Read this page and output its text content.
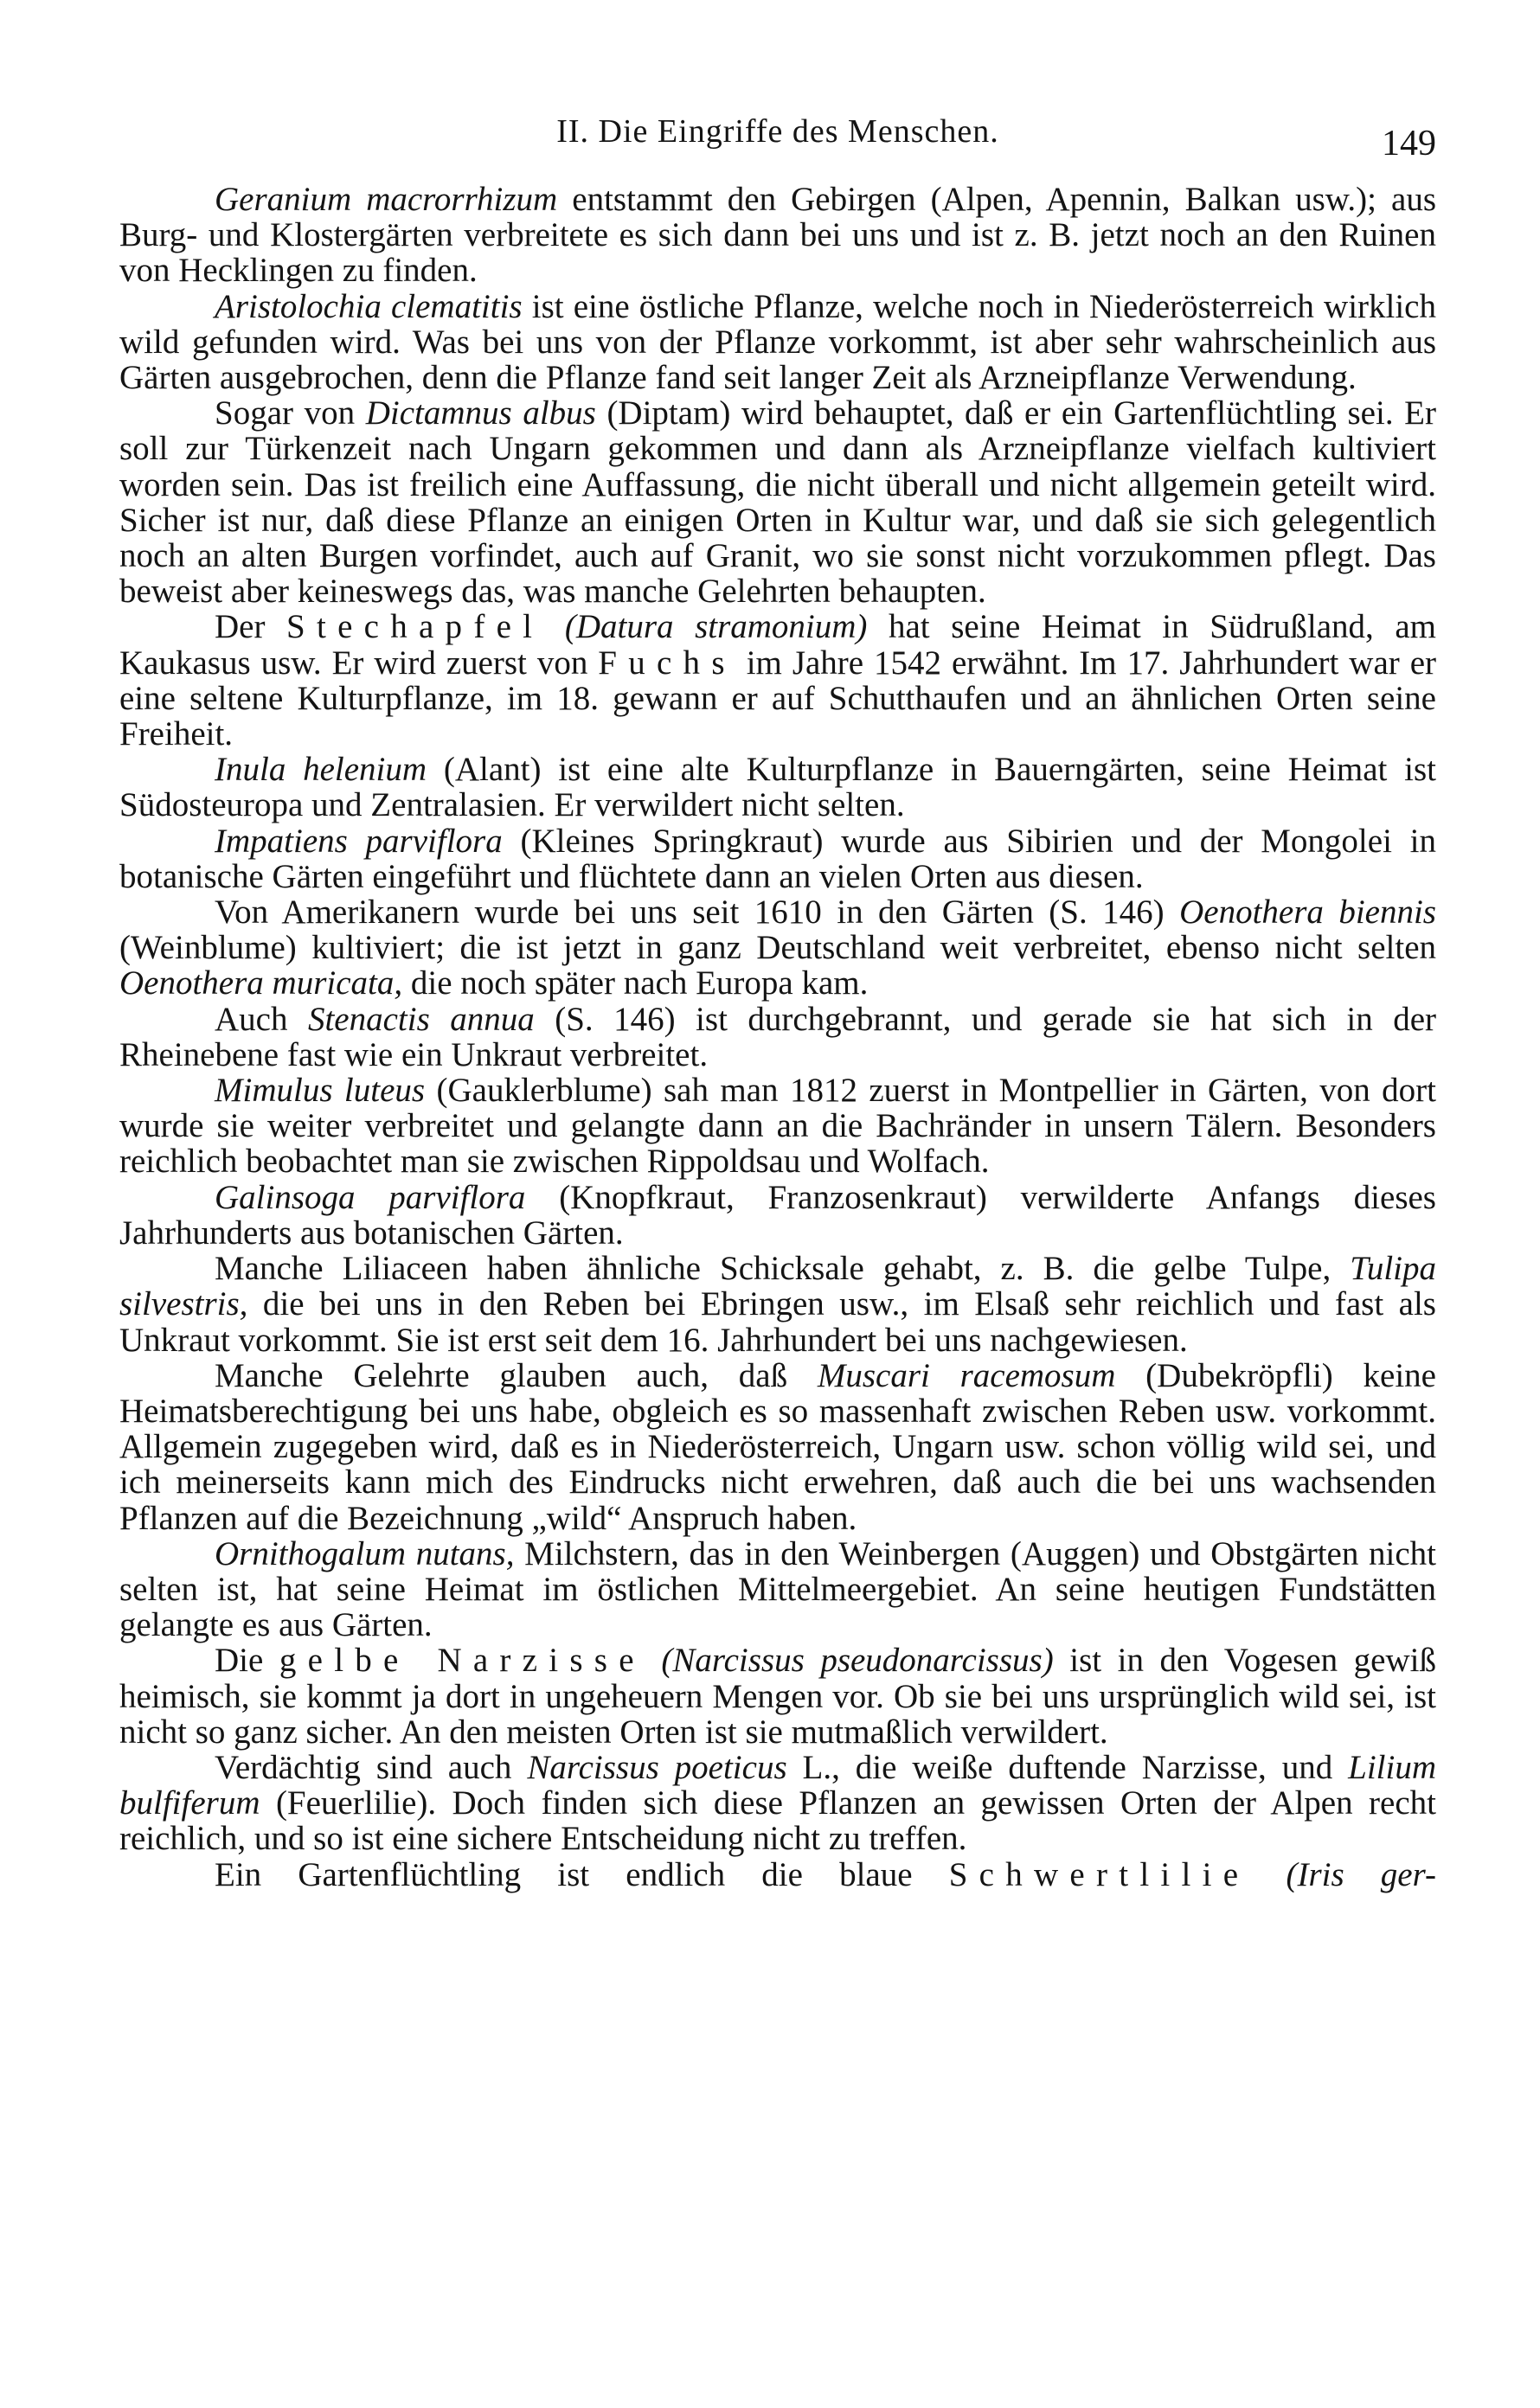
II. Die Eingriffe des Menschen.	149

Geranium macrorrhizum entstammt den Gebirgen (Alpen, Apennin, Balkan usw.); aus Burg- und Klostergärten verbreitete es sich dann bei uns und ist z. B. jetzt noch an den Ruinen von Hecklingen zu finden.

Aristolochia clematitis ist eine östliche Pflanze, welche noch in Niederösterreich wirklich wild gefunden wird. Was bei uns von der Pflanze vorkommt, ist aber sehr wahrscheinlich aus Gärten ausgebrochen, denn die Pflanze fand seit langer Zeit als Arzneipflanze Verwendung.

Sogar von Dictamnus albus (Diptam) wird behauptet, daß er ein Gartenflüchtling sei. Er soll zur Türkenzeit nach Ungarn gekommen und dann als Arzneipflanze vielfach kultiviert worden sein. Das ist freilich eine Auffassung, die nicht überall und nicht allgemein geteilt wird. Sicher ist nur, daß diese Pflanze an einigen Orten in Kultur war, und daß sie sich gelegentlich noch an alten Burgen vorfindet, auch auf Granit, wo sie sonst nicht vorzukommen pflegt. Das beweist aber keineswegs das, was manche Gelehrten behaupten.

Der Stechapfel (Datura stramonium) hat seine Heimat in Südrußland, am Kaukasus usw. Er wird zuerst von Fuchs im Jahre 1542 erwähnt. Im 17. Jahrhundert war er eine seltene Kulturpflanze, im 18. gewann er auf Schutthaufen und an ähnlichen Orten seine Freiheit.

Inula helenium (Alant) ist eine alte Kulturpflanze in Bauerngärten, seine Heimat ist Südosteuropa und Zentralasien. Er verwildert nicht selten.

Impatiens parviflora (Kleines Springkraut) wurde aus Sibirien und der Mongolei in botanische Gärten eingeführt und flüchtete dann an vielen Orten aus diesen.

Von Amerikanern wurde bei uns seit 1610 in den Gärten (S. 146) Oenothera biennis (Weinblume) kultiviert; die ist jetzt in ganz Deutschland weit verbreitet, ebenso nicht selten Oenothera muricata, die noch später nach Europa kam.

Auch Stenactis annua (S. 146) ist durchgebrannt, und gerade sie hat sich in der Rheinebene fast wie ein Unkraut verbreitet.

Mimulus luteus (Gauklerblume) sah man 1812 zuerst in Montpellier in Gärten, von dort wurde sie weiter verbreitet und gelangte dann an die Bachränder in unsern Tälern. Besonders reichlich beobachtet man sie zwischen Rippoldsau und Wolfach.

Galinsoga parviflora (Knopfkraut, Franzosenkraut) verwilderte Anfangs dieses Jahrhunderts aus botanischen Gärten.

Manche Liliaceen haben ähnliche Schicksale gehabt, z. B. die gelbe Tulpe, Tulipa silvestris, die bei uns in den Reben bei Ebringen usw., im Elsaß sehr reichlich und fast als Unkraut vorkommt. Sie ist erst seit dem 16. Jahrhundert bei uns nachgewiesen.

Manche Gelehrte glauben auch, daß Muscari racemosum (Dubekröpfli) keine Heimatsberechtigung bei uns habe, obgleich es so massenhaft zwischen Reben usw. vorkommt. Allgemein zugegeben wird, daß es in Niederösterreich, Ungarn usw. schon völlig wild sei, und ich meinerseits kann mich des Eindrucks nicht erwehren, daß auch die bei uns wachsenden Pflanzen auf die Bezeichnung „wild“ Anspruch haben.

Ornithogalum nutans, Milchstern, das in den Weinbergen (Auggen) und Obstgärten nicht selten ist, hat seine Heimat im östlichen Mittelmeergebiet. An seine heutigen Fundstätten gelangte es aus Gärten.

Die gelbe Narzisse (Narcissus pseudonarcissus) ist in den Vogesen gewiß heimisch, sie kommt ja dort in ungeheuern Mengen vor. Ob sie bei uns ursprünglich wild sei, ist nicht so ganz sicher. An den meisten Orten ist sie mutmaßlich verwildert.

Verdächtig sind auch Narcissus poeticus L., die weiße duftende Narzisse, und Lilium bulfiferum (Feuerlilie). Doch finden sich diese Pflanzen an gewissen Orten der Alpen recht reichlich, und so ist eine sichere Entscheidung nicht zu treffen.

Ein Gartenflüchtling ist endlich die blaue Schwertlilie (Iris ger-
